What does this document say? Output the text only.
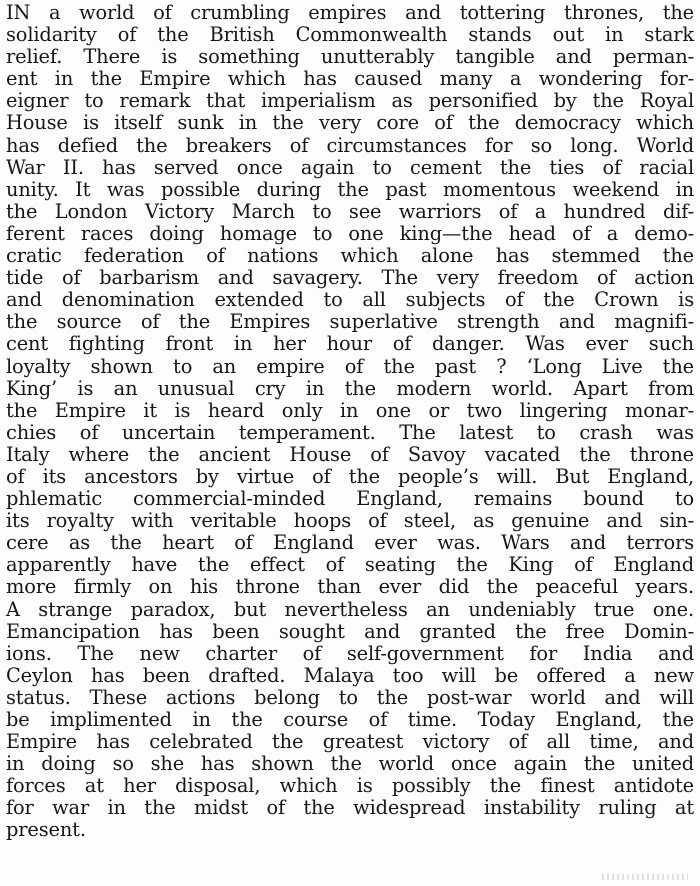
IN a world of crumbling empires and tottering thrones, the
solidarity of the British Commonwealth stands out in stark
relief. There is something unutterably tangible and perman-
ent in the Empire which has caused many a wondering for-
eigner to remark that imperialism as personified by the Royal
House is itself sunk in the very core of the democracy which
has defied the breakers of circumstances for so long. World
War II. has served once again to cement the ties of racial
unity. It was possible during the past momentous weekend in
the London Victory March to see warriors of a hundred dif-
ferent races doing homage to one king—the head of a demo-
cratic federation of nations which alone has stemmed the
tide of barbarism and savagery. The very freedom of action
and denomination extended to all subjects of the Crown is
the source of the Empires superlative strength and magnifi-
cent fighting front in her hour of danger. Was ever such
loyalty shown to an empire of the past ? ‘Long Live the
King’ is an unusual cry in the modern world. Apart from
the Empire it is heard only in one or two lingering monar-
chies of uncertain temperament. The latest to crash was
Italy where the ancient House of Savoy vacated the throne
of its ancestors by virtue of the people’s will. But England,
phlematic commercial-minded England, remains bound to
its royalty with veritable hoops of steel, as genuine and sin-
cere as the heart of England ever was. Wars and terrors
apparently have the effect of seating the King of England
more firmly on his throne than ever did the peaceful years.
A strange paradox, but nevertheless an undeniably true one.
Emancipation has been sought and granted the free Domin-
ions. The new charter of self-government for India and
Ceylon has been drafted. Malaya too will be offered a new
status. These actions belong to the post-war world and will
be implimented in the course of time. Today England, the
Empire has celebrated the greatest victory of all time, and
in doing so she has shown the world once again the united
forces at her disposal, which is possibly the finest antidote
for war in the midst of the widespread instability ruling at
present.
